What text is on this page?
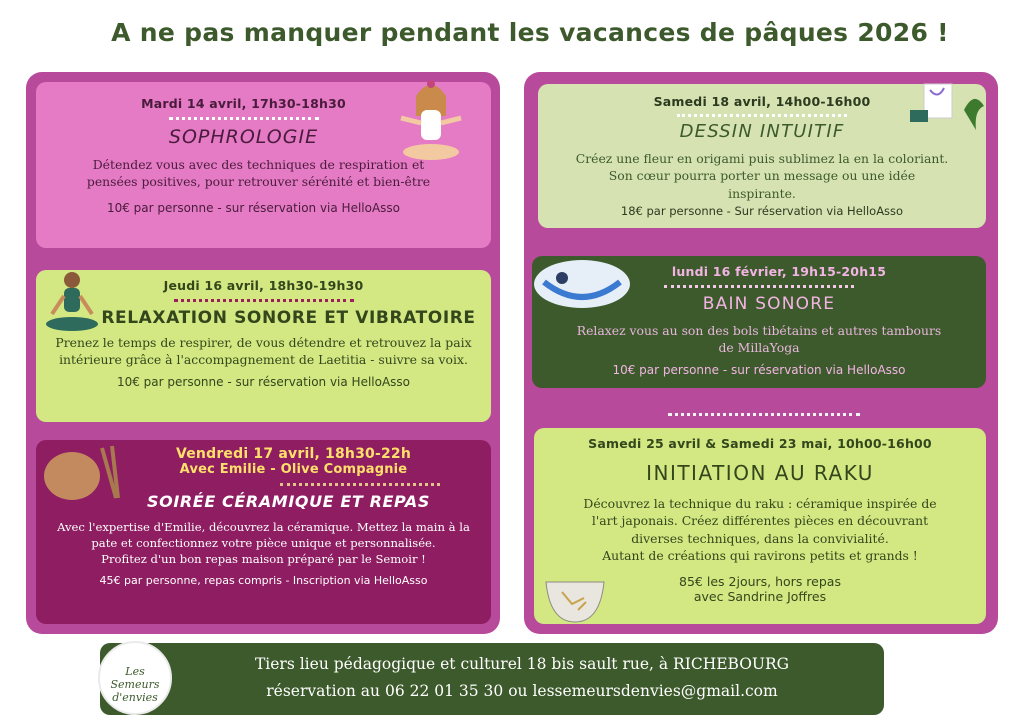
A ne pas manquer pendant les vacances de pâques 2026 !
Mardi 14 avril, 17h30-18h30
SOPHROLOGIE
Détendez vous avec des techniques de respiration et
pensées positives, pour retrouver sérénité et bien-être
10€ par personne - sur réservation via HelloAsso
Jeudi 16 avril, 18h30-19h30
RELAXATION SONORE ET VIBRATOIRE
Prenez le temps de respirer, de vous détendre et retrouvez la paix
intérieure grâce à l'accompagnement de Laetitia - suivre sa voix.
10€ par personne - sur réservation via HelloAsso
Vendredi 17 avril, 18h30-22h
Avec Emilie - Olive Compagnie
SOIRÉE CÉRAMIQUE ET REPAS
Avec l'expertise d'Emilie, découvrez la céramique. Mettez la main à la
pate et confectionnez votre pièce unique et personnalisée.
Profitez d'un bon repas maison préparé par le Semoir !
45€ par personne, repas compris - Inscription via HelloAsso
Samedi 18 avril, 14h00-16h00
DESSIN INTUITIF
Créez une fleur en origami puis sublimez la en la coloriant.
Son cœur pourra porter un message ou une idée
inspirante.
18€ par personne - Sur réservation via HelloAsso
lundi 16 février, 19h15-20h15
BAIN SONORE
Relaxez vous au son des bols tibétains et autres tambours
de MillaYoga
10€ par personne - sur réservation via HelloAsso
Samedi 25 avril & Samedi 23 mai, 10h00-16h00
INITIATION AU RAKU
Découvrez la technique du raku : céramique inspirée de
l'art japonais. Créez différentes pièces en découvrant
diverses techniques, dans la convivialité.
Autant de créations qui ravirons petits et grands !
85€ les 2jours, hors repas
avec Sandrine Joffres
Tiers lieu pédagogique et culturel 18 bis sault rue, à RICHEBOURG
réservation au 06 22 01 35 30 ou lessemeursdenvies@gmail.com
Les Semeurs
d'envies
